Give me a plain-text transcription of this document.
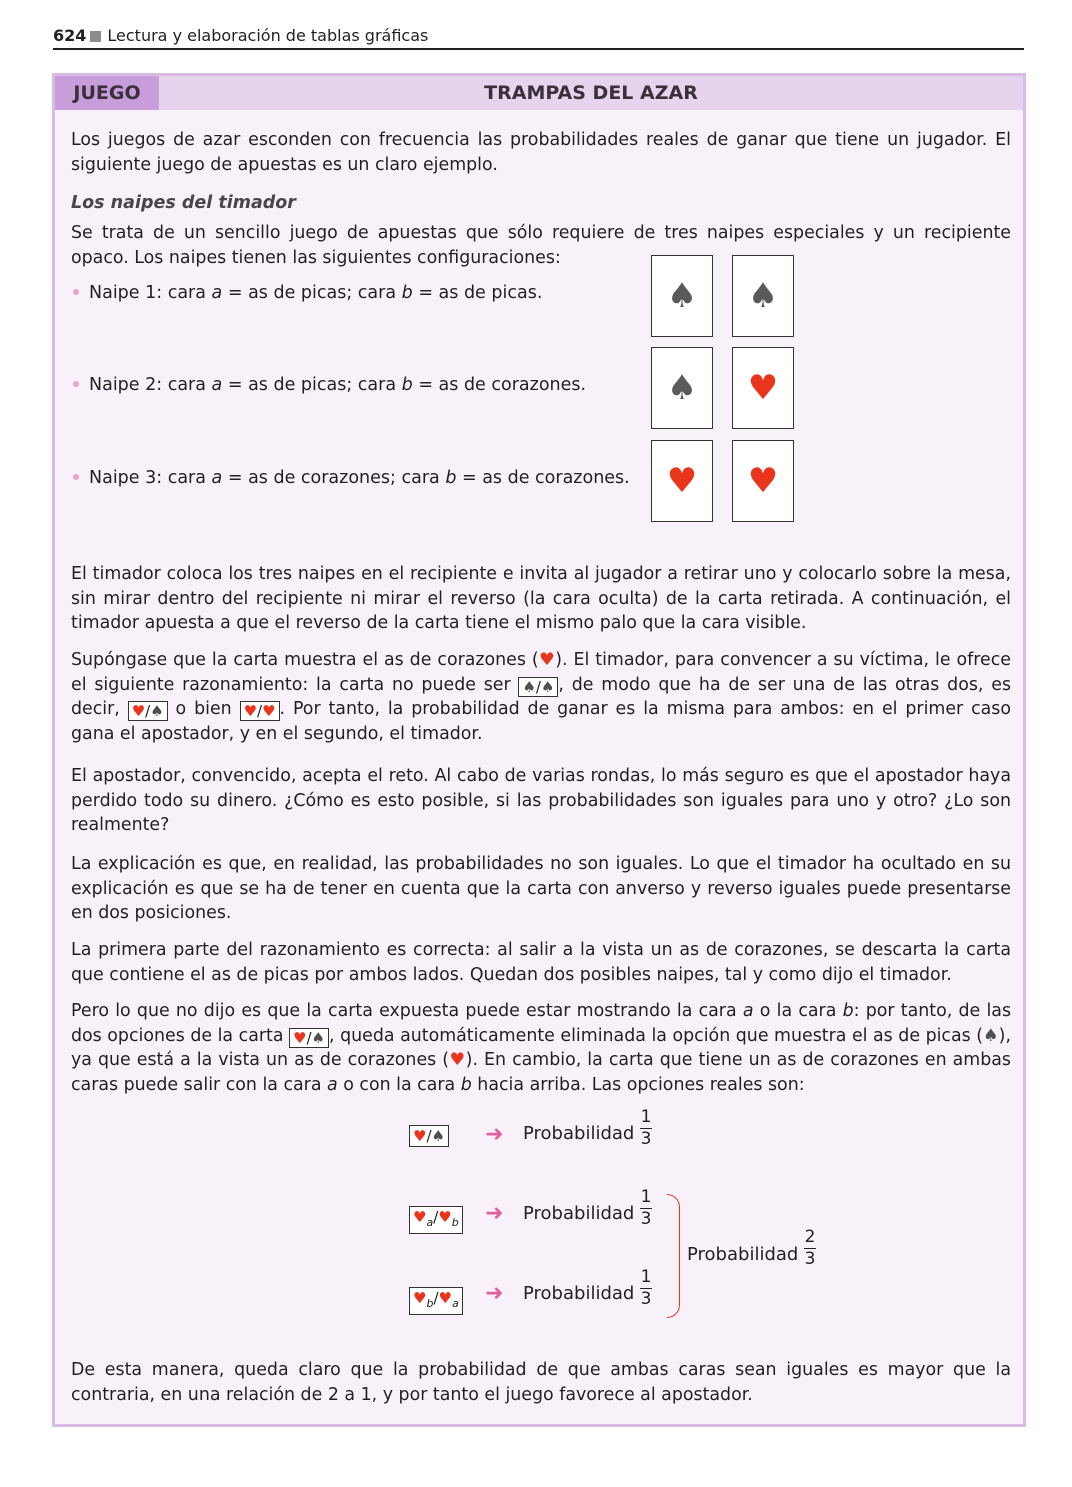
624 Lectura y elaboración de tablas gráficas
JUEGO	TRAMPAS DEL AZAR
Los juegos de azar esconden con frecuencia las probabilidades reales de ganar que tiene un jugador. El siguiente juego de apuestas es un claro ejemplo.
Los naipes del timador
Se trata de un sencillo juego de apuestas que sólo requiere de tres naipes especiales y un recipiente opaco. Los naipes tienen las siguientes configuraciones:
Naipe 1: cara a = as de picas; cara b = as de picas.
Naipe 2: cara a = as de picas; cara b = as de corazones.
Naipe 3: cara a = as de corazones; cara b = as de corazones.
♠ ♠
♠ ♥
♥ ♥
El timador coloca los tres naipes en el recipiente e invita al jugador a retirar uno y colocarlo sobre la mesa, sin mirar dentro del recipiente ni mirar el reverso (la cara oculta) de la carta retirada. A continuación, el timador apuesta a que el reverso de la carta tiene el mismo palo que la cara visible.
Supóngase que la carta muestra el as de corazones (♥). El timador, para convencer a su víctima, le ofrece el siguiente razonamiento: la carta no puede ser ♠/♠ , de modo que ha de ser una de las otras dos, es decir, ♥/♠ o bien ♥/♥ . Por tanto, la probabilidad de ganar es la misma para ambos: en el primer caso gana el apostador, y en el segundo, el timador.
El apostador, convencido, acepta el reto. Al cabo de varias rondas, lo más seguro es que el apostador haya perdido todo su dinero. ¿Cómo es esto posible, si las probabilidades son iguales para uno y otro? ¿Lo son realmente?
La explicación es que, en realidad, las probabilidades no son iguales. Lo que el timador ha ocultado en su explicación es que se ha de tener en cuenta que la carta con anverso y reverso iguales puede presentarse en dos posiciones.
La primera parte del razonamiento es correcta: al salir a la vista un as de corazones, se descarta la carta que contiene el as de picas por ambos lados. Quedan dos posibles naipes, tal y como dijo el timador.
Pero lo que no dijo es que la carta expuesta puede estar mostrando la cara a o la cara b: por tanto, de las dos opciones de la carta ♥/♠ , queda automáticamente eliminada la opción que muestra el as de picas (♠), ya que está a la vista un as de corazones (♥). En cambio, la carta que tiene un as de corazones en ambas caras puede salir con la cara a o con la cara b hacia arriba. Las opciones reales son:
♥/♠ ➜ Probabilidad
1
3
$♥_a/♥_b$ ➜ Probabilidad
1
3
$♥_b/♥_a$ ➜ Probabilidad
1
3
Probabilidad
2
3
De esta manera, queda claro que la probabilidad de que ambas caras sean iguales es mayor que la contraria, en una relación de 2 a 1, y por tanto el juego favorece al apostador.
